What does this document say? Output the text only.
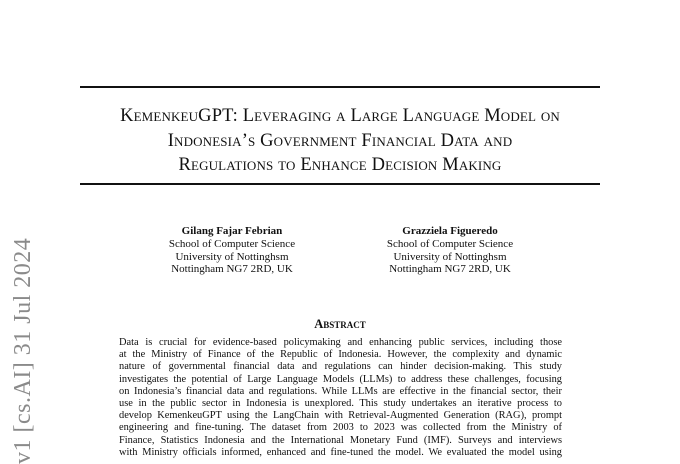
KemenkeuGPT: Leveraging a Large Language Model on
Indonesia’s Government Financial Data and
Regulations to Enhance Decision Making
Gilang Fajar Febrian
School of Computer Science
University of Nottinghsm
Nottingham NG7 2RD, UK
Grazziela Figueredo
School of Computer Science
University of Nottinghsm
Nottingham NG7 2RD, UK
Abstract
Data is crucial for evidence-based policymaking and enhancing public services, including those
at the Ministry of Finance of the Republic of Indonesia. However, the complexity and dynamic
nature of governmental financial data and regulations can hinder decision-making. This study
investigates the potential of Large Language Models (LLMs) to address these challenges, focusing
on Indonesia’s financial data and regulations. While LLMs are effective in the financial sector, their
use in the public sector in Indonesia is unexplored. This study undertakes an iterative process to
develop KemenkeuGPT using the LangChain with Retrieval-Augmented Generation (RAG), prompt
engineering and fine-tuning. The dataset from 2003 to 2023 was collected from the Ministry of
Finance, Statistics Indonesia and the International Monetary Fund (IMF). Surveys and interviews
with Ministry officials informed, enhanced and fine-tuned the model. We evaluated the model using
v1 [cs.AI] 31 Jul 2024
